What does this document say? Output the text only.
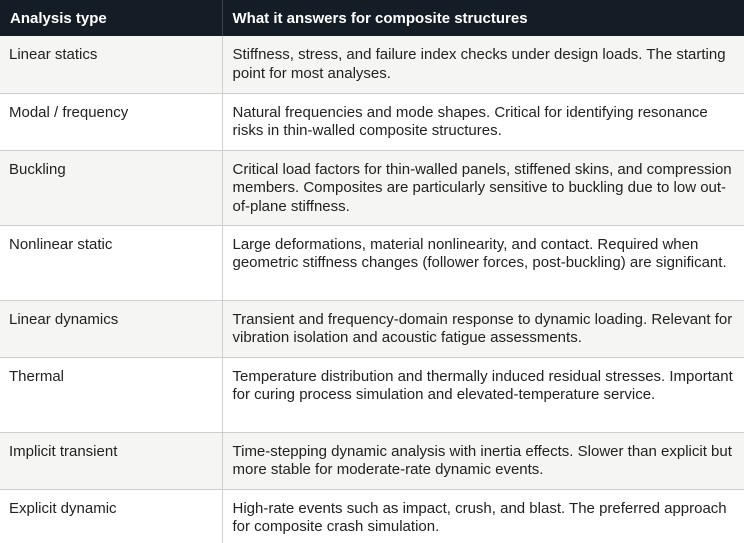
Analysis type	What it answers for composite structures
Linear statics	Stiffness, stress, and failure index checks under design loads. The starting point for most analyses.
Modal / frequency	Natural frequencies and mode shapes. Critical for identifying resonance risks in thin-walled composite structures.
Buckling	Critical load factors for thin-walled panels, stiffened skins, and compression members. Composites are particularly sensitive to buckling due to low out-of-plane stiffness.
Nonlinear static	Large deformations, material nonlinearity, and contact. Required when geometric stiffness changes (follower forces, post-buckling) are significant.
Linear dynamics	Transient and frequency-domain response to dynamic loading. Relevant for vibration isolation and acoustic fatigue assessments.
Thermal	Temperature distribution and thermally induced residual stresses. Important for curing process simulation and elevated-temperature service.
Implicit transient	Time-stepping dynamic analysis with inertia effects. Slower than explicit but more stable for moderate-rate dynamic events.
Explicit dynamic	High-rate events such as impact, crush, and blast. The preferred approach for composite crash simulation.
